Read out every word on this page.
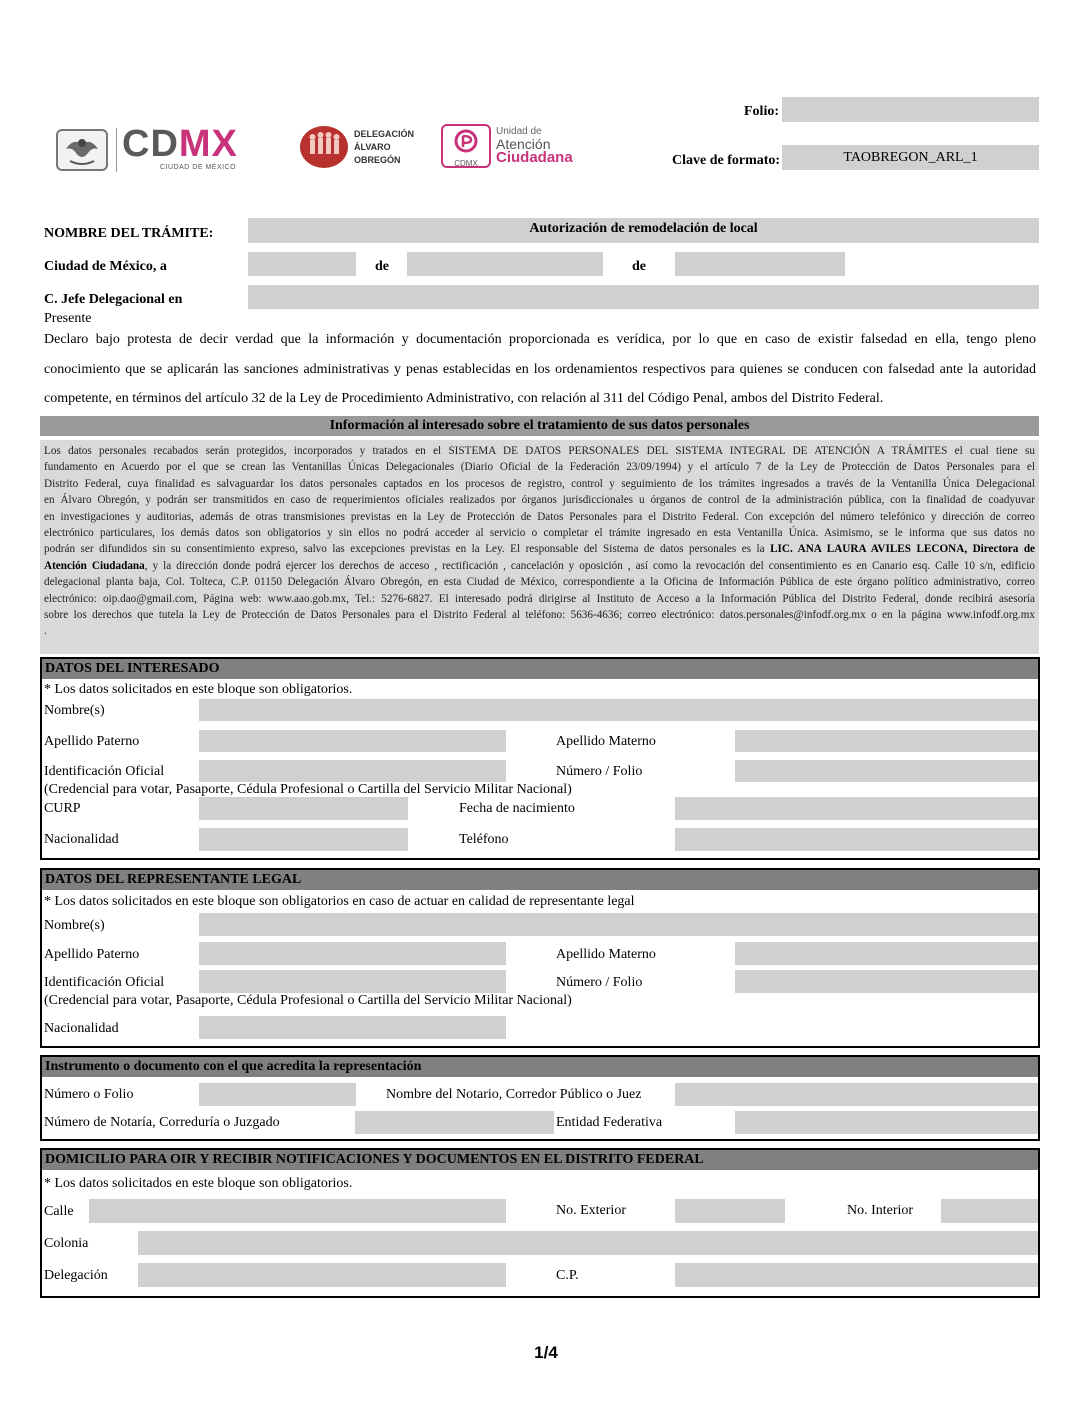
CDMX
CIUDAD DE MÉXICO
DELEGACIÓN
ÁLVARO
OBREGÓN	CDMX
Unidad de
Atención
Ciudadana
Folio:
Clave de formato:	TAOBREGON_ARL_1
NOMBRE DEL TRÁMITE:	Autorización de remodelación de local
Ciudad de México, a	de	de
C. Jefe Delegacional en
Presente

Declaro bajo protesta de decir verdad que la información y documentación proporcionada es verídica, por lo que en caso de existir falsedad en ella, tengo pleno

conocimiento que se aplicarán las sanciones administrativas y penas establecidas en los ordenamientos respectivos para quienes se conducen con falsedad ante la autoridad

competente, en términos del artículo 32 de la Ley de Procedimiento Administrativo, con relación al 311 del Código Penal, ambos del Distrito Federal.

Información al interesado sobre el tratamiento de sus datos personales
Los datos personales recabados serán protegidos, incorporados y tratados en el SISTEMA DE DATOS PERSONALES DEL SISTEMA INTEGRAL DE ATENCIÓN A TRÁMITES el cual tiene su
fundamento en Acuerdo por el que se crean las Ventanillas Únicas Delegacionales (Diario Oficial de la Federación 23/09/1994) y el artículo 7 de la Ley de Protección de Datos Personales para el
Distrito Federal, cuya finalidad es salvaguardar los datos personales captados en los procesos de registro, control y seguimiento de los trámites ingresados a través de la Ventanilla Única Delegacional
en Álvaro Obregón, y podrán ser transmitidos en caso de requerimientos oficiales realizados por órganos jurisdiccionales u órganos de control de la administración pública, con la finalidad de coadyuvar
en investigaciones y auditorias, además de otras transmisiones previstas en la Ley de Protección de Datos Personales para el Distrito Federal. Con excepción del número telefónico y dirección de correo
electrónico particulares, los demás datos son obligatorios y sin ellos no podrá acceder al servicio o completar el trámite ingresado en esta Ventanilla Única. Asimismo, se le informa que sus datos no
podrán ser difundidos sin su consentimiento expreso, salvo las excepciones previstas en la Ley. El responsable del Sistema de datos personales es la LIC. ANA LAURA AVILES LECONA, Directora de
Atención Ciudadana, y la dirección donde podrá ejercer los derechos de acceso , rectificación , cancelación y oposición , así como la revocación del consentimiento es en Canario esq. Calle 10 s/n, edificio
delegacional planta baja, Col. Tolteca, C.P. 01150 Delegación Álvaro Obregón, en esta Ciudad de México, correspondiente a la Oficina de Información Pública de este órgano político administrativo, correo
electrónico: oip.dao@gmail.com, Página web: www.aao.gob.mx, Tel.: 5276-6827. El interesado podrá dirigirse al Instituto de Acceso a la Información Pública del Distrito Federal, donde recibirá asesoría
sobre los derechos que tutela la Ley de Protección de Datos Personales para el Distrito Federal al teléfono: 5636-4636; correo electrónico: datos.personales@infodf.org.mx o en la página www.infodf.org.mx
.
DATOS DEL INTERESADO
* Los datos solicitados en este bloque son obligatorios.
Nombre(s)
Apellido Paterno	Apellido Materno
Identificación Oficial	Número / Folio
(Credencial para votar, Pasaporte, Cédula Profesional o Cartilla del Servicio Militar Nacional)
CURP	Fecha de nacimiento
Nacionalidad	Teléfono
DATOS DEL REPRESENTANTE LEGAL
* Los datos solicitados en este bloque son obligatorios en caso de actuar en calidad de representante legal
Nombre(s)
Apellido Paterno	Apellido Materno
Identificación Oficial	Número / Folio
(Credencial para votar, Pasaporte, Cédula Profesional o Cartilla del Servicio Militar Nacional)
Nacionalidad
Instrumento o documento con el que acredita la representación
Número o Folio	Nombre del Notario, Corredor Público o Juez
Número de Notaría, Correduría o Juzgado	Entidad Federativa
DOMICILIO PARA OIR Y RECIBIR NOTIFICACIONES Y DOCUMENTOS EN EL DISTRITO FEDERAL
* Los datos solicitados en este bloque son obligatorios.
Calle	No. Exterior	No. Interior
Colonia
Delegación	C.P.
1/4
